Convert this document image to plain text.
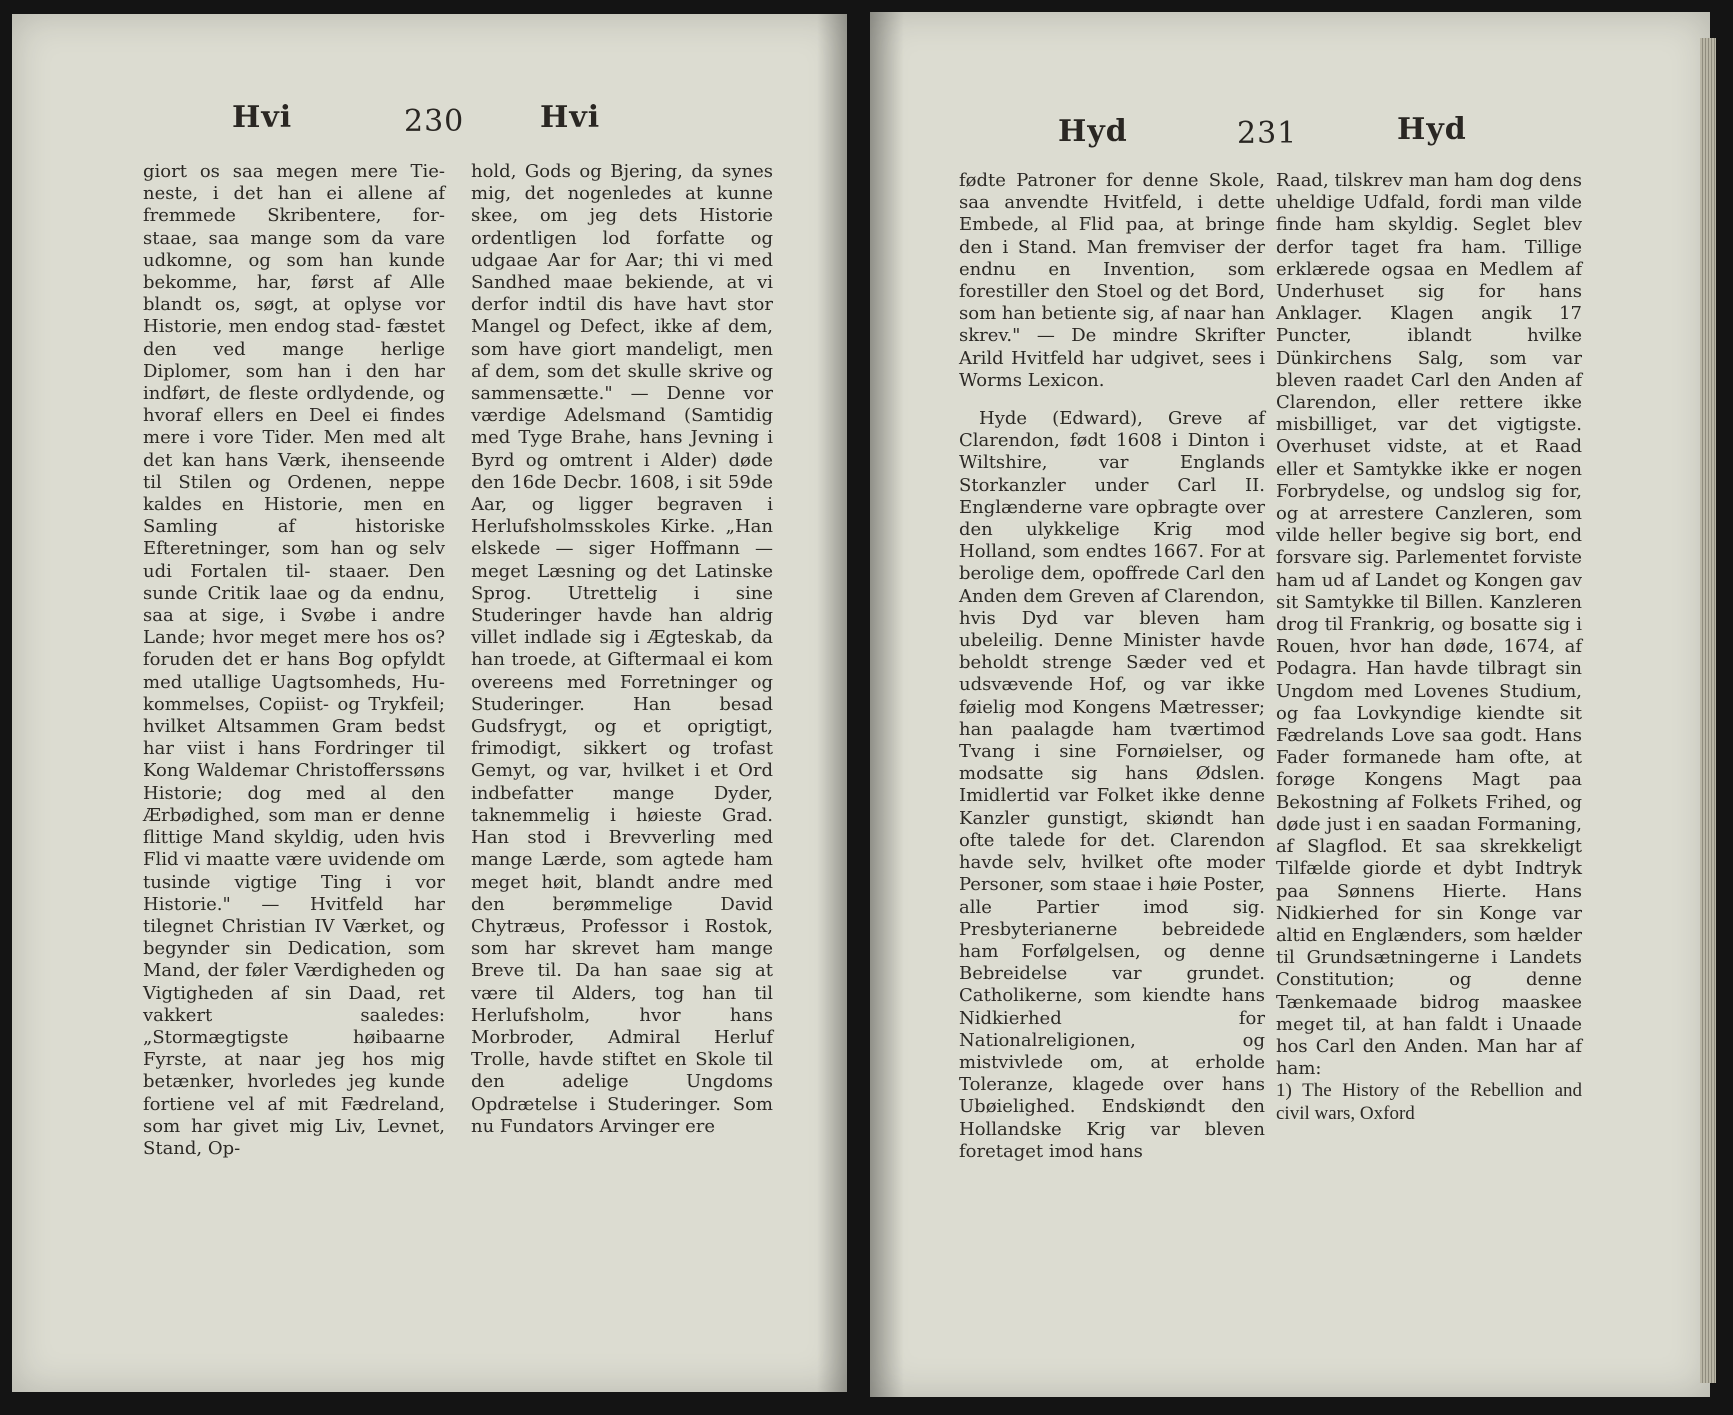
Hvi	230	Hvi

giort os saa megen mere Tie- neste, i det han ei allene af fremmede Skribentere, for- staae, saa mange som da vare udkomne, og som han kunde bekomme, har, først af Alle blandt os, søgt, at oplyse vor Historie, men endog stad- fæstet den ved mange herlige Diplomer, som han i den har indført, de fleste ordlydende, og hvoraf ellers en Deel ei findes mere i vore Tider. Men med alt det kan hans Værk, ihenseende til Stilen og Ordenen, neppe kaldes en Historie, men en Samling af historiske Efteretninger, som han og selv udi Fortalen til- staaer. Den sunde Critik laae og da endnu, saa at sige, i Svøbe i andre Lande; hvor meget mere hos os? foruden det er hans Bog opfyldt med utallige Uagtsomheds, Hu- kommelses, Copiist- og Trykfeil; hvilket Altsammen Gram bedst har viist i hans Fordringer til Kong Waldemar Christofferssøns Historie; dog med al den Ærbødighed, som man er denne flittige Mand skyldig, uden hvis Flid vi maatte være uvidende om tusinde vigtige Ting i vor Historie." — Hvitfeld har tilegnet Christian IV Værket, og begynder sin Dedication, som Mand, der føler Værdigheden og Vigtigheden af sin Daad, ret vakkert saaledes: „Stormægtigste høibaarne Fyrste, at naar jeg hos mig betænker, hvorledes jeg kunde fortiene vel af mit Fædreland, som har givet mig Liv, Levnet, Stand, Op-

hold, Gods og Bjering, da synes mig, det nogenledes at kunne skee, om jeg dets Historie ordentligen lod forfatte og udgaae Aar for Aar; thi vi med Sandhed maae bekiende, at vi derfor indtil dis have havt stor Mangel og Defect, ikke af dem, som have giort mandeligt, men af dem, som det skulle skrive og sammensætte." — Denne vor værdige Adelsmand (Samtidig med Tyge Brahe, hans Jevning i Byrd og omtrent i Alder) døde den 16de Decbr. 1608, i sit 59de Aar, og ligger begraven i Herlufsholmsskoles Kirke. „Han elskede — siger Hoffmann — meget Læsning og det Latinske Sprog. Utrettelig i sine Studeringer havde han aldrig villet indlade sig i Ægteskab, da han troede, at Giftermaal ei kom overeens med Forretninger og Studeringer. Han besad Gudsfrygt, og et oprigtigt, frimodigt, sikkert og trofast Gemyt, og var, hvilket i et Ord indbefatter mange Dyder, taknemmelig i høieste Grad. Han stod i Brevverling med mange Lærde, som agtede ham meget høit, blandt andre med den berømmelige David Chytræus, Professor i Rostok, som har skrevet ham mange Breve til. Da han saae sig at være til Alders, tog han til Herlufsholm, hvor hans Morbroder, Admiral Herluf Trolle, havde stiftet en Skole til den adelige Ungdoms Opdrætelse i Studeringer. Som nu Fundators Arvinger ere

Hyd	231	Hyd

fødte Patroner for denne Skole, saa anvendte Hvitfeld, i dette Embede, al Flid paa, at bringe den i Stand. Man fremviser der endnu en Invention, som forestiller den Stoel og det Bord, som han betiente sig, af naar han skrev." — De mindre Skrifter Arild Hvitfeld har udgivet, sees i Worms Lexicon.

Hyde (Edward), Greve af Clarendon, født 1608 i Dinton i Wiltshire, var Englands Storkanzler under Carl II. Englænderne vare opbragte over den ulykkelige Krig mod Holland, som endtes 1667. For at berolige dem, opoffrede Carl den Anden dem Greven af Clarendon, hvis Dyd var bleven ham ubeleilig. Denne Minister havde beholdt strenge Sæder ved et udsvævende Hof, og var ikke føielig mod Kongens Mætresser; han paalagde ham tværtimod Tvang i sine Fornøielser, og modsatte sig hans Ødslen. Imidlertid var Folket ikke denne Kanzler gunstigt, skiøndt han ofte talede for det. Clarendon havde selv, hvilket ofte moder Personer, som staae i høie Poster, alle Partier imod sig. Presbyterianerne bebreidede ham Forfølgelsen, og denne Bebreidelse var grundet. Catholikerne, som kiendte hans Nidkierhed for Nationalreligionen, og mistvivlede om, at erholde Toleranze, klagede over hans Ubøielighed. Endskiøndt den Hollandske Krig var bleven foretaget imod hans

Raad, tilskrev man ham dog dens uheldige Udfald, fordi man vilde finde ham skyldig. Seglet blev derfor taget fra ham. Tillige erklærede ogsaa en Medlem af Underhuset sig for hans Anklager. Klagen angik 17 Puncter, iblandt hvilke Dünkirchens Salg, som var bleven raadet Carl den Anden af Clarendon, eller rettere ikke misbilliget, var det vigtigste. Overhuset vidste, at et Raad eller et Samtykke ikke er nogen Forbrydelse, og undslog sig for, og at arrestere Canzleren, som vilde heller begive sig bort, end forsvare sig. Parlementet forviste ham ud af Landet og Kongen gav sit Samtykke til Billen. Kanzleren drog til Frankrig, og bosatte sig i Rouen, hvor han døde, 1674, af Podagra. Han havde tilbragt sin Ungdom med Lovenes Studium, og faa Lovkyndige kiendte sit Fædrelands Love saa godt. Hans Fader formanede ham ofte, at forøge Kongens Magt paa Bekostning af Folkets Frihed, og døde just i en saadan Formaning, af Slagflod. Et saa skrekkeligt Tilfælde giorde et dybt Indtryk paa Sønnens Hierte. Hans Nidkierhed for sin Konge var altid en Englænders, som hælder til Grundsætningerne i Landets Constitution; og denne Tænkemaade bidrog maaskee meget til, at han faldt i Unaade hos Carl den Anden. Man har af ham:

1) The History of the Rebellion and civil wars, Oxford
